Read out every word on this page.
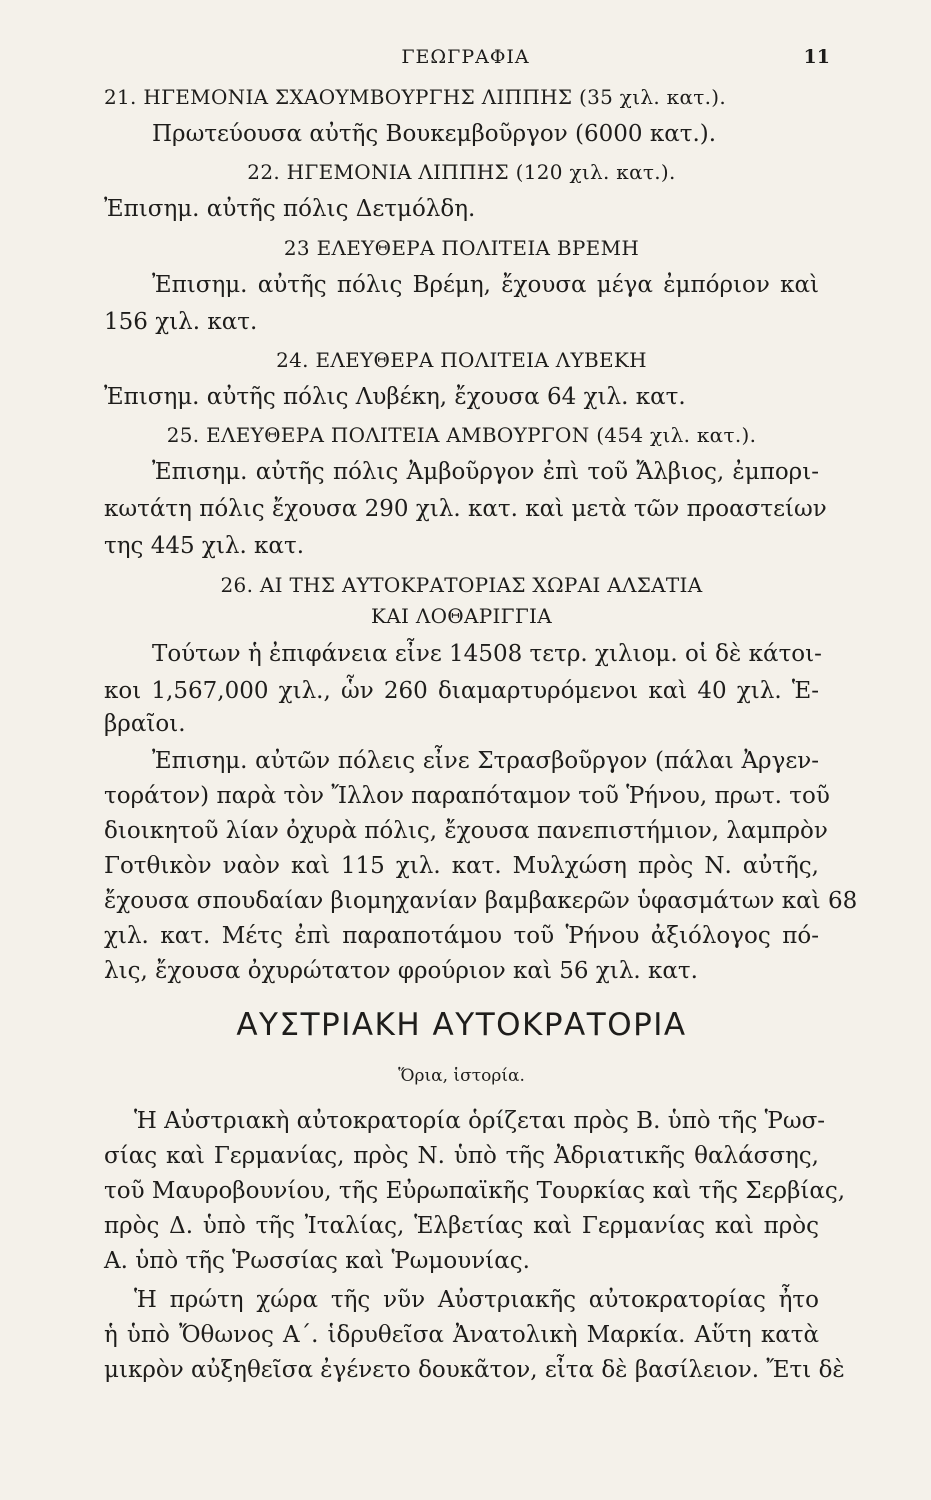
ΓΕΩΓΡΑΦΙΑ	11
21. ΗΓΕΜΟΝΙΑ ΣΧΑΟΥΜΒΟΥΡΓΗΣ ΛΙΠΠΗΣ (35 χιλ. κατ.).
Πρωτεύουσα αὐτῆς Βουκεμβοῦργον (6000 κατ.).
22. ΗΓΕΜΟΝΙΑ ΛΙΠΠΗΣ (120 χιλ. κατ.).
Ἐπισημ. αὐτῆς πόλις Δετμόλδη.
23 ΕΛΕΥΘΕΡΑ ΠΟΛΙΤΕΙΑ ΒΡΕΜΗ
Ἐπισημ. αὐτῆς πόλις Βρέμη, ἔχουσα μέγα ἐμπόριον καὶ
156 χιλ. κατ.
24. ΕΛΕΥΘΕΡΑ ΠΟΛΙΤΕΙΑ ΛΥΒΕΚΗ
Ἐπισημ. αὐτῆς πόλις Λυβέκη, ἔχουσα 64 χιλ. κατ.
25. ΕΛΕΥΘΕΡΑ ΠΟΛΙΤΕΙΑ ΑΜΒΟΥΡΓΟΝ (454 χιλ. κατ.).
Ἐπισημ. αὐτῆς πόλις Ἀμβοῦργον ἐπὶ τοῦ Ἄλβιος, ἐμπορι-
κωτάτη πόλις ἔχουσα 290 χιλ. κατ. καὶ μετὰ τῶν προαστείων
της 445 χιλ. κατ.
26. ΑΙ ΤΗΣ ΑΥΤΟΚΡΑΤΟΡΙΑΣ ΧΩΡΑΙ ΑΛΣΑΤΙΑ
ΚΑΙ ΛΟΘΑΡΙΓΓΙΑ
Τούτων ἡ ἐπιφάνεια εἶνε 14508 τετρ. χιλιομ. οἱ δὲ κάτοι-
κοι 1,567,000 χιλ., ὧν 260 διαμαρτυρόμενοι καὶ 40 χιλ. Ἑ-
βραῖοι.
Ἐπισημ. αὐτῶν πόλεις εἶνε Στρασβοῦργον (πάλαι Ἀργεν-
τοράτον) παρὰ τὸν Ἴλλον παραπόταμον τοῦ Ῥήνου, πρωτ. τοῦ
διοικητοῦ λίαν ὀχυρὰ πόλις, ἔχουσα πανεπιστήμιον, λαμπρὸν
Γοτθικὸν ναὸν καὶ 115 χιλ. κατ. Μυλχώση πρὸς Ν. αὐτῆς,
ἔχουσα σπουδαίαν βιομηχανίαν βαμβακερῶν ὑφασμάτων καὶ 68
χιλ. κατ. Μέτς ἐπὶ παραποτάμου τοῦ Ῥήνου ἀξιόλογος πό-
λις, ἔχουσα ὀχυρώτατον φρούριον καὶ 56 χιλ. κατ.
ΑΥΣΤΡΙΑΚΗ ΑΥΤΟΚΡΑΤΟΡΙΑ
Ὅρια, ἱστορία.
Ἡ Αὐστριακὴ αὐτοκρατορία ὁρίζεται πρὸς Β. ὑπὸ τῆς Ῥωσ-
σίας καὶ Γερμανίας, πρὸς Ν. ὑπὸ τῆς Ἀδριατικῆς θαλάσσης,
τοῦ Μαυροβουνίου, τῆς Εὐρωπαϊκῆς Τουρκίας καὶ τῆς Σερβίας,
πρὸς Δ. ὑπὸ τῆς Ἰταλίας, Ἑλβετίας καὶ Γερμανίας καὶ πρὸς
Α. ὑπὸ τῆς Ῥωσσίας καὶ Ῥωμουνίας.
Ἡ πρώτη χώρα τῆς νῦν Αὐστριακῆς αὐτοκρατορίας ἦτο
ἡ ὑπὸ Ὄθωνος Α΄. ἱδρυθεῖσα Ἀνατολικὴ Μαρκία. Αὕτη κατὰ
μικρὸν αὐξηθεῖσα ἐγένετο δουκᾶτον, εἶτα δὲ βασίλειον. Ἔτι δὲ
